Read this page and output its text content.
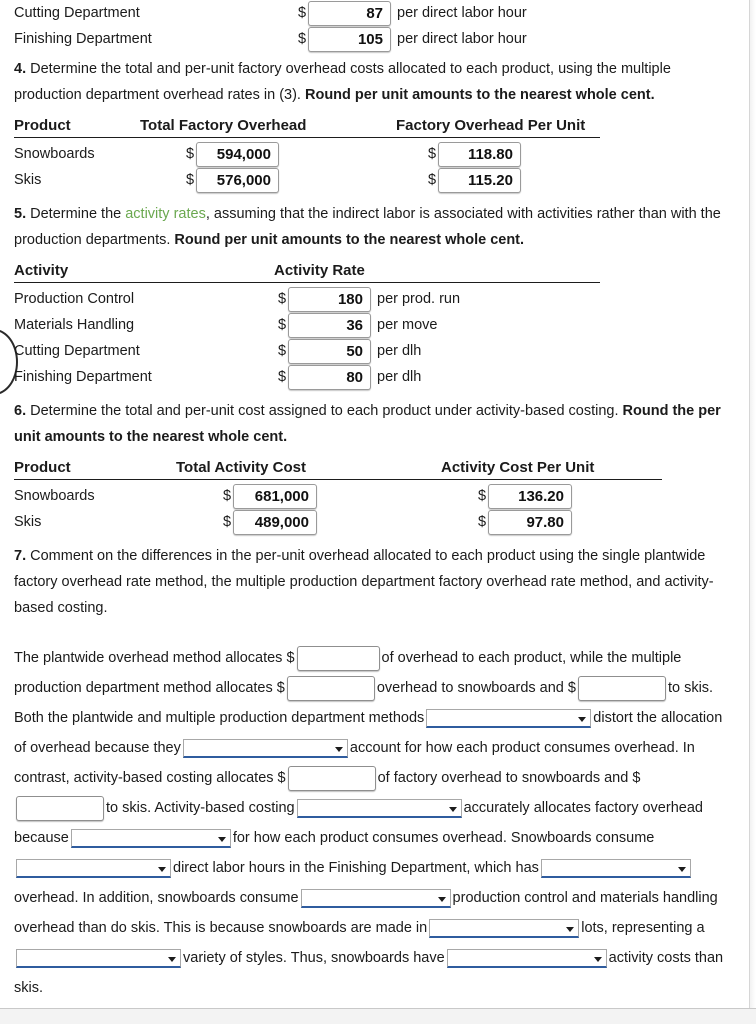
Cutting Department	$	87 per direct labor hour
Finishing Department	$	105 per direct labor hour
4. Determine the total and per-unit factory overhead costs allocated to each product, using the multiple production department overhead rates in (3). Round per unit amounts to the nearest whole cent.
Product	Total Factory Overhead	Factory Overhead Per Unit
Snowboards	$	594,000	$	118.80
Skis	$	576,000	$	115.20
5. Determine the activity rates, assuming that the indirect labor is associated with activities rather than with the production departments. Round per unit amounts to the nearest whole cent.
Activity	Activity Rate
Production Control	$	180 per prod. run
Materials Handling	$	36 per move
Cutting Department	$	50 per dlh
Finishing Department	$	80 per dlh
6. Determine the total and per-unit cost assigned to each product under activity-based costing. Round the per unit amounts to the nearest whole cent.
Product	Total Activity Cost	Activity Cost Per Unit
Snowboards	$	681,000	$	136.20
Skis	$	489,000	$	97.80
7. Comment on the differences in the per-unit overhead allocated to each product using the single plantwide factory overhead rate method, the multiple production department factory overhead rate method, and activity-based costing.
The plantwide overhead method allocates $	of overhead to each product, while the multiple production department method allocates $	overhead to snowboards and $	to skis. Both the plantwide and multiple production department methods	distort the allocation of overhead because they	account for how each product consumes overhead. In contrast, activity-based costing allocates $	of factory overhead to snowboards and $to skis. Activity-based costing	accurately allocates factory overhead because	for how each product consumes overhead. Snowboards consumedirect labor hours in the Finishing Department, which hasoverhead. In addition, snowboards consume	production control and materials handling overhead than do skis. This is because snowboards are made in	lots, representing avariety of styles. Thus, snowboards have	activity costs than skis.
